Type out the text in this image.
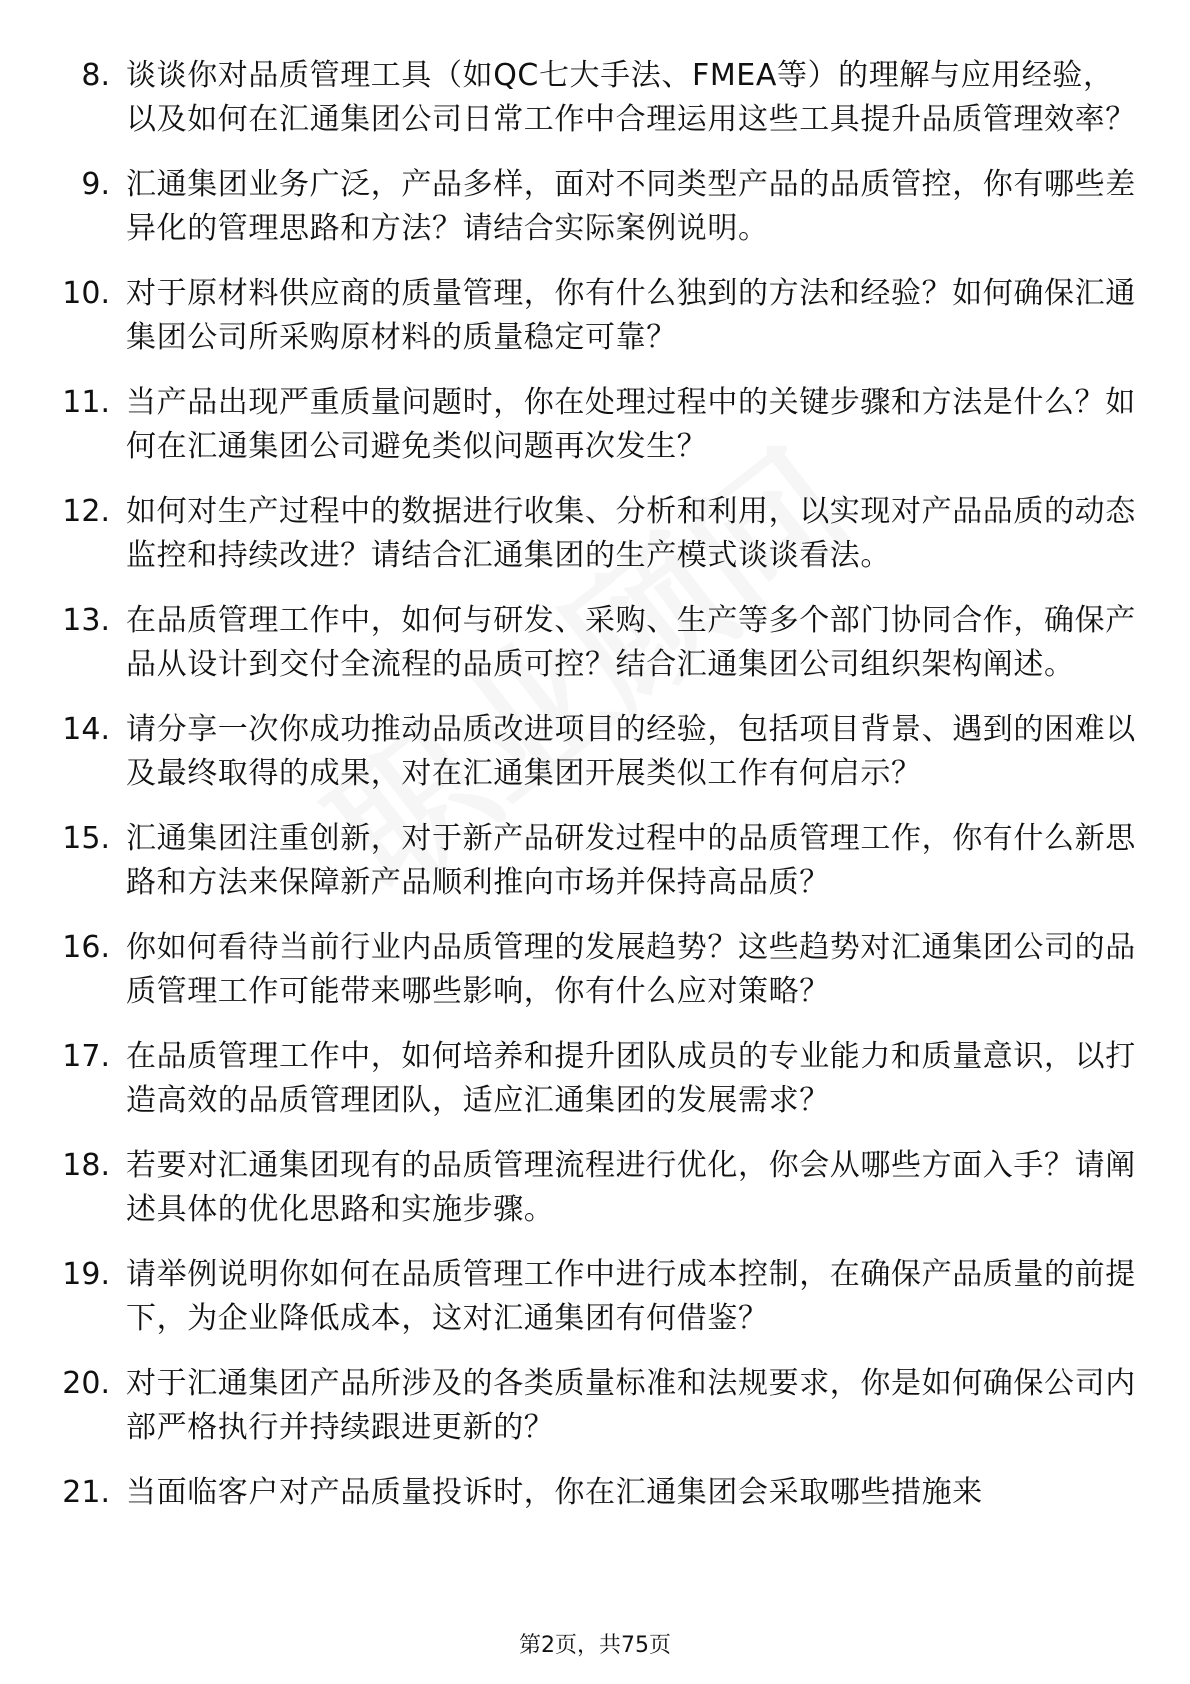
8. 谈谈你对品质管理工具（如QC七大手法、FMEA等）的理解与应用经验，以及如何在汇通集团公司日常工作中合理运用这些工具提升品质管理效率？
9. 汇通集团业务广泛，产品多样，面对不同类型产品的品质管控，你有哪些差异化的管理思路和方法？请结合实际案例说明。
10. 对于原材料供应商的质量管理，你有什么独到的方法和经验？如何确保汇通集团公司所采购原材料的质量稳定可靠？
11. 当产品出现严重质量问题时，你在处理过程中的关键步骤和方法是什么？如何在汇通集团公司避免类似问题再次发生？
12. 如何对生产过程中的数据进行收集、分析和利用，以实现对产品品质的动态监控和持续改进？请结合汇通集团的生产模式谈谈看法。
13. 在品质管理工作中，如何与研发、采购、生产等多个部门协同合作，确保产品从设计到交付全流程的品质可控？结合汇通集团公司组织架构阐述。
14. 请分享一次你成功推动品质改进项目的经验，包括项目背景、遇到的困难以及最终取得的成果，对在汇通集团开展类似工作有何启示？
15. 汇通集团注重创新，对于新产品研发过程中的品质管理工作，你有什么新思路和方法来保障新产品顺利推向市场并保持高品质？
16. 你如何看待当前行业内品质管理的发展趋势？这些趋势对汇通集团公司的品质管理工作可能带来哪些影响，你有什么应对策略？
17. 在品质管理工作中，如何培养和提升团队成员的专业能力和质量意识，以打造高效的品质管理团队，适应汇通集团的发展需求？
18. 若要对汇通集团现有的品质管理流程进行优化，你会从哪些方面入手？请阐述具体的优化思路和实施步骤。
19. 请举例说明你如何在品质管理工作中进行成本控制，在确保产品质量的前提下，为企业降低成本，这对汇通集团有何借鉴？
20. 对于汇通集团产品所涉及的各类质量标准和法规要求，你是如何确保公司内部严格执行并持续跟进更新的？
21. 当面临客户对产品质量投诉时，你在汇通集团会采取哪些措施来
第2页，共75页
